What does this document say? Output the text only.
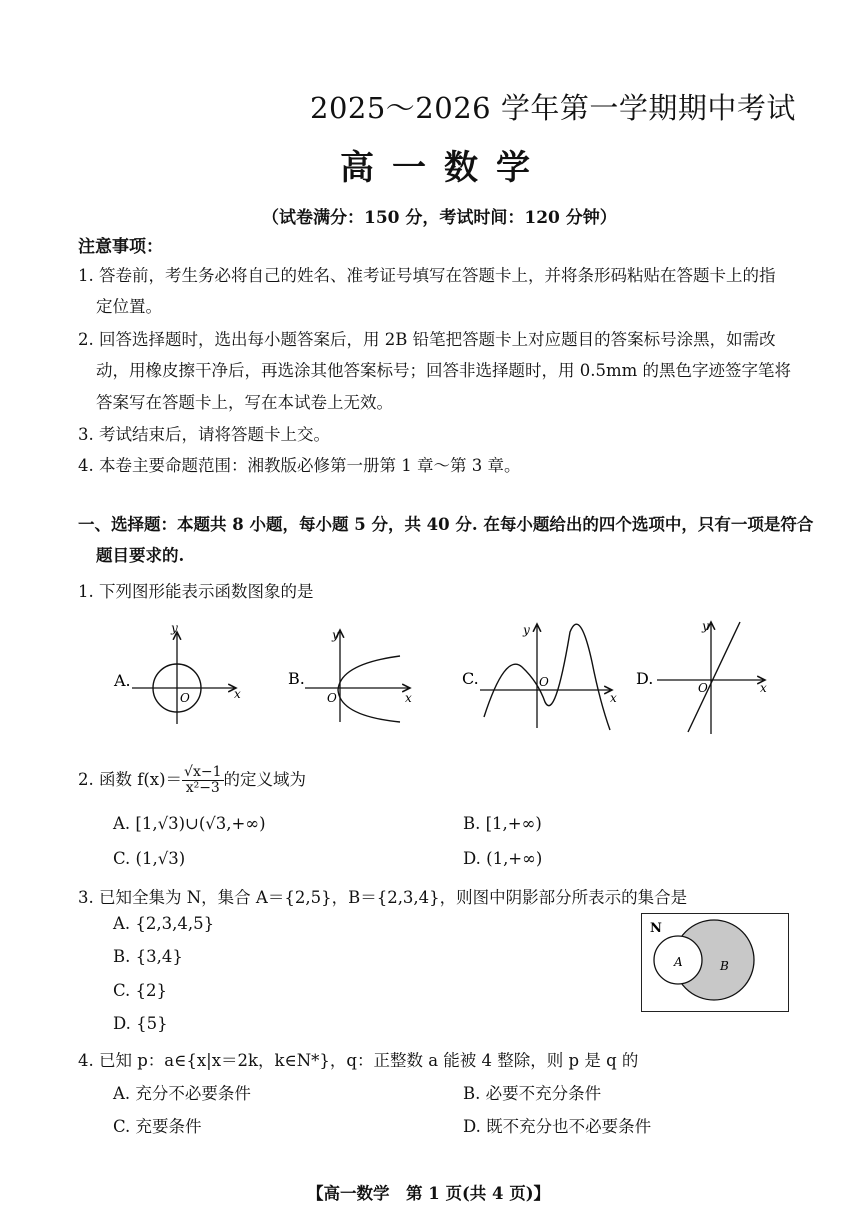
2025～2026 学年第一学期期中考试
高一数学
（试卷满分：150 分，考试时间：120 分钟）
注意事项：
1. 答卷前，考生务必将自己的姓名、准考证号填写在答题卡上，并将条形码粘贴在答题卡上的指
定位置。
2. 回答选择题时，选出每小题答案后，用 2B 铅笔把答题卡上对应题目的答案标号涂黑，如需改
动，用橡皮擦干净后，再选涂其他答案标号；回答非选择题时，用 0.5mm 的黑色字迹签字笔将
答案写在答题卡上，写在本试卷上无效。
3. 考试结束后，请将答题卡上交。
4. 本卷主要命题范围：湘教版必修第一册第 1 章～第 3 章。
一、选择题：本题共 8 小题，每小题 5 分，共 40 分. 在每小题给出的四个选项中，只有一项是符合
题目要求的.
1. 下列图形能表示函数图象的是
A.
y
x
O
B.
y
x
O
C.
y
x
O	D.
y
x
O
2. 函数 $f(x)= \frac{√x-1}{\text{x²−3}}$ 的定义域为
A. [1,√3)∪(√3,+∞)	B. [1,+∞)
C. (1,√3)	D. (1,+∞)
3. 已知全集为 N，集合 A＝{2,5}，B＝{2,3,4}，则图中阴影部分所表示的集合是
A. {2,3,4,5}
B. {3,4}
C. {2}
D. {5}
N
A	B
4. 已知 p：a∈{x|x＝2k，k∈N*}，q：正整数 a 能被 4 整除，则 p 是 q 的
A. 充分不必要条件	B. 必要不充分条件
C. 充要条件	D. 既不充分也不必要条件
【高一数学　第 1 页(共 4 页)】
